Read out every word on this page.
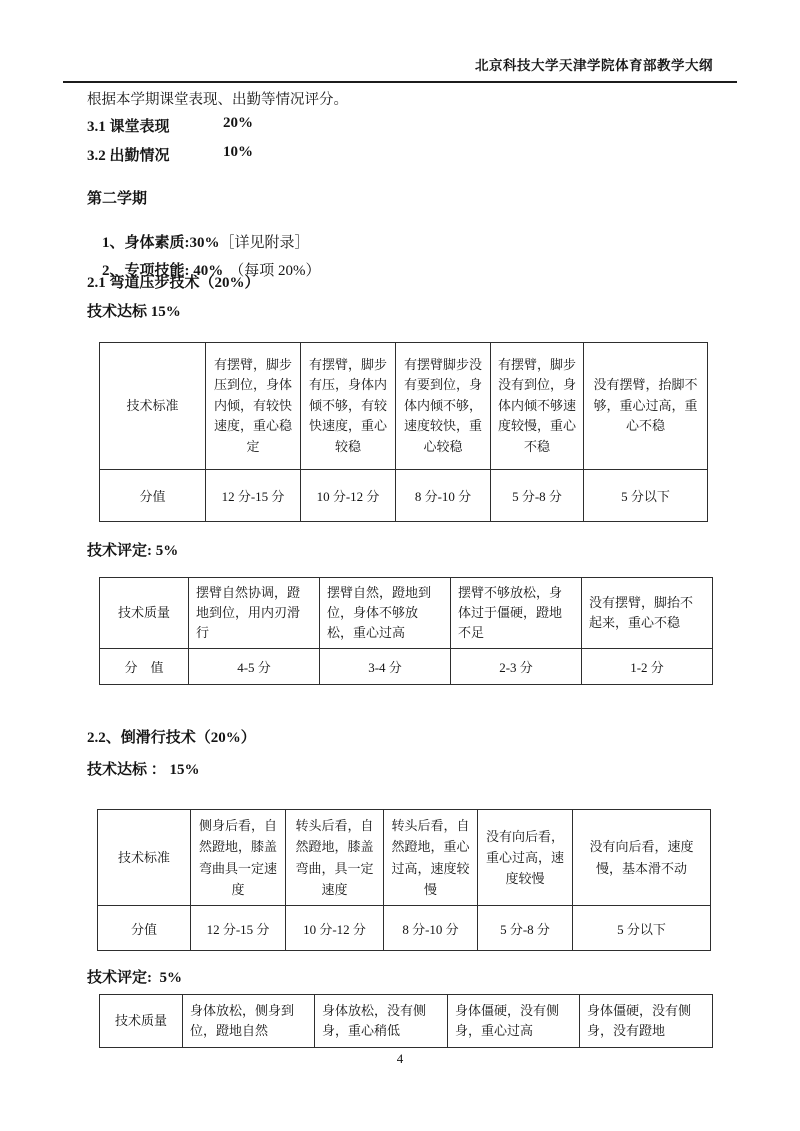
北京科技大学天津学院体育部教学大纲
根据本学期课堂表现、出勤等情况评分。
3.1 课堂表现	20%
3.2 出勤情况	10%
第二学期

1、身体素质:30%［详见附录］

2、专项技能: 40% （每项 20%）

2.1 弯道压步技术（20%）
技术达标 15%
技术标准	有摆臂，脚步压到位，身体内倾，有较快速度，重心稳定	有摆臂，脚步有压，身体内倾不够，有较快速度，重心较稳	有摆臂脚步没有要到位，身体内倾不够，速度较快，重心较稳	有摆臂，脚步没有到位，身体内倾不够速度较慢，重心不稳	没有摆臂，抬脚不够，重心过高，重心不稳
分值	12 分-15 分	10 分-12 分	8 分-10 分	5 分-8 分	5 分以下
技术评定: 5%
技术质量	摆臂自然协调，蹬地到位，用内刃滑行	摆臂自然，蹬地到位，身体不够放松，重心过高	摆臂不够放松，身体过于僵硬，蹬地不足	没有摆臂，脚抬不起来，重心不稳
分　值	4-5 分	3-4 分	2-3 分	1-2 分
2.2、倒滑行技术（20%）
技术达标 ： 15%
技术标准	侧身后看，自然蹬地，膝盖弯曲具一定速度	转头后看，自然蹬地，膝盖弯曲，具一定速度	转头后看，自然蹬地，重心过高，速度较慢	没有向后看，重心过高，速度较慢	没有向后看，速度慢，基本滑不动
分值	12 分-15 分	10 分-12 分	8 分-10 分	5 分-8 分	5 分以下
技术评定:  5%
技术质量	身体放松，侧身到位，蹬地自然	身体放松，没有侧身，重心稍低	身体僵硬，没有侧身，重心过高	身体僵硬，没有侧身，没有蹬地
4
